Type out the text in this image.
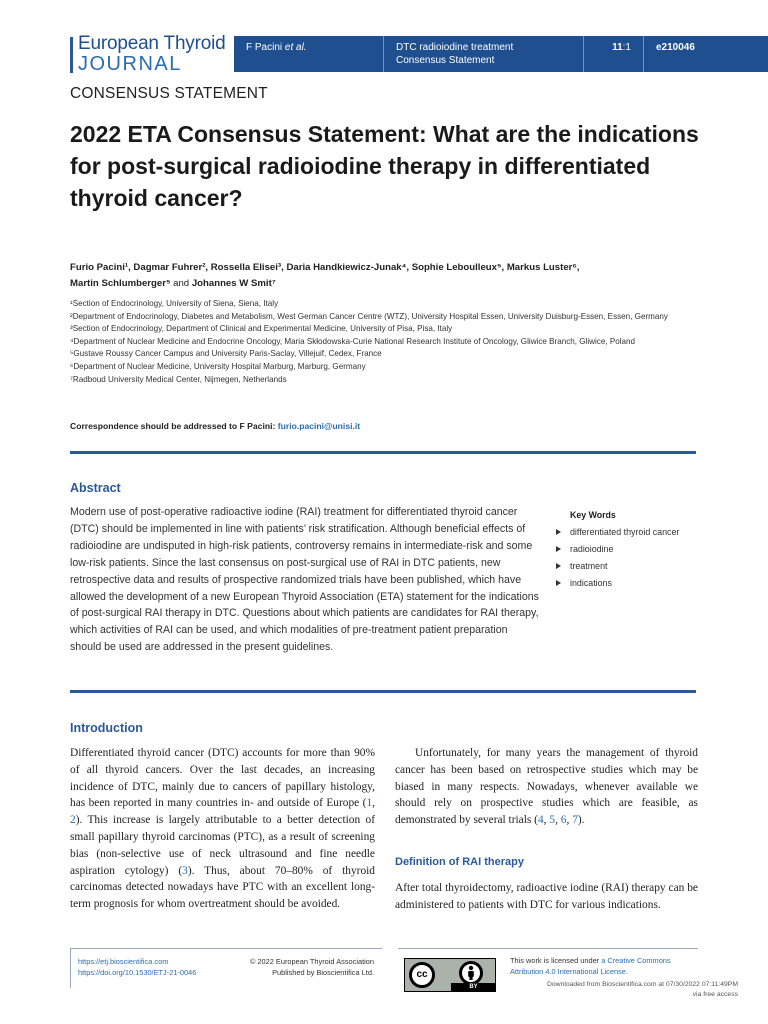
European Thyroid
JOURNAL
F Pacini et al.	DTC radioiodine treatment
Consensus Statement
11:1	e210046
CONSENSUS STATEMENT
2022 ETA Consensus Statement: What are the indications for post-surgical radioiodine therapy in differentiated thyroid cancer?
Furio Pacini¹, Dagmar Fuhrer², Rossella Elisei³, Daria Handkiewicz-Junak⁴, Sophie Leboulleux⁵, Markus Luster⁶,
Martin Schlumberger⁵ and Johannes W Smit⁷
¹Section of Endocrinology, University of Siena, Siena, Italy
²Department of Endocrinology, Diabetes and Metabolism, West German Cancer Centre (WTZ), University Hospital Essen, University Duisburg-Essen, Essen, Germany
³Section of Endocrinology, Department of Clinical and Experimental Medicine, University of Pisa, Pisa, Italy
⁴Department of Nuclear Medicine and Endocrine Oncology, Maria Skłodowska-Curie National Research Institute of Oncology, Gliwice Branch, Gliwice, Poland
⁵Gustave Roussy Cancer Campus and University Paris-Saclay, Villejuif, Cedex, France
⁶Department of Nuclear Medicine, University Hospital Marburg, Marburg, Germany
⁷Radboud University Medical Center, Nijmegen, Netherlands
Correspondence should be addressed to F Pacini: furio.pacini@unisi.it
Abstract

Modern use of post-operative radioactive iodine (RAI) treatment for differentiated thyroid cancer (DTC) should be implemented in line with patients’ risk stratification. Although beneficial effects of radioiodine are undisputed in high-risk patients, controversy remains in intermediate-risk and some low-risk patients. Since the last consensus on post-surgical use of RAI in DTC patients, new retrospective data and results of prospective randomized trials have been published, which have allowed the development of a new European Thyroid Association (ETA) statement for the indications of post-surgical RAI therapy in DTC. Questions about which patients are candidates for RAI therapy, which activities of RAI can be used, and which modalities of pre-treatment patient preparation should be used are addressed in the present guidelines.

Key Words
differentiated thyroid cancer
radioiodine
treatment
indications
Introduction

Differentiated thyroid cancer (DTC) accounts for more than 90% of all thyroid cancers. Over the last decades, an increasing incidence of DTC, mainly due to cancers of papillary histology, has been reported in many countries in- and outside of Europe (1, 2). This increase is largely attributable to a better detection of small papillary thyroid carcinomas (PTC), as a result of screening bias (non-selective use of neck ultrasound and fine needle aspiration cytology) (3). Thus, about 70–80% of thyroid carcinomas detected nowadays have PTC with an excellent long-term prognosis for whom overtreatment should be avoided.

Unfortunately, for many years the management of thyroid cancer has been based on retrospective studies which may be biased in many respects. Nowadays, whenever available we should rely on prospective studies which are feasible, as demonstrated by several trials (4, 5, 6, 7).

Definition of RAI therapy

After total thyroidectomy, radioactive iodine (RAI) therapy can be administered to patients with DTC for various indications.

https://etj.bioscientifica.com
https://doi.org/10.1530/ETJ-21-0046
© 2022 European Thyroid Association
Published by Bioscientifica Ltd.	cc
BY
This work is licensed under a Creative Commons Attribution 4.0 International License.
Downloaded from Bioscientifica.com at 07/30/2022 07:11:49PM
via free access
